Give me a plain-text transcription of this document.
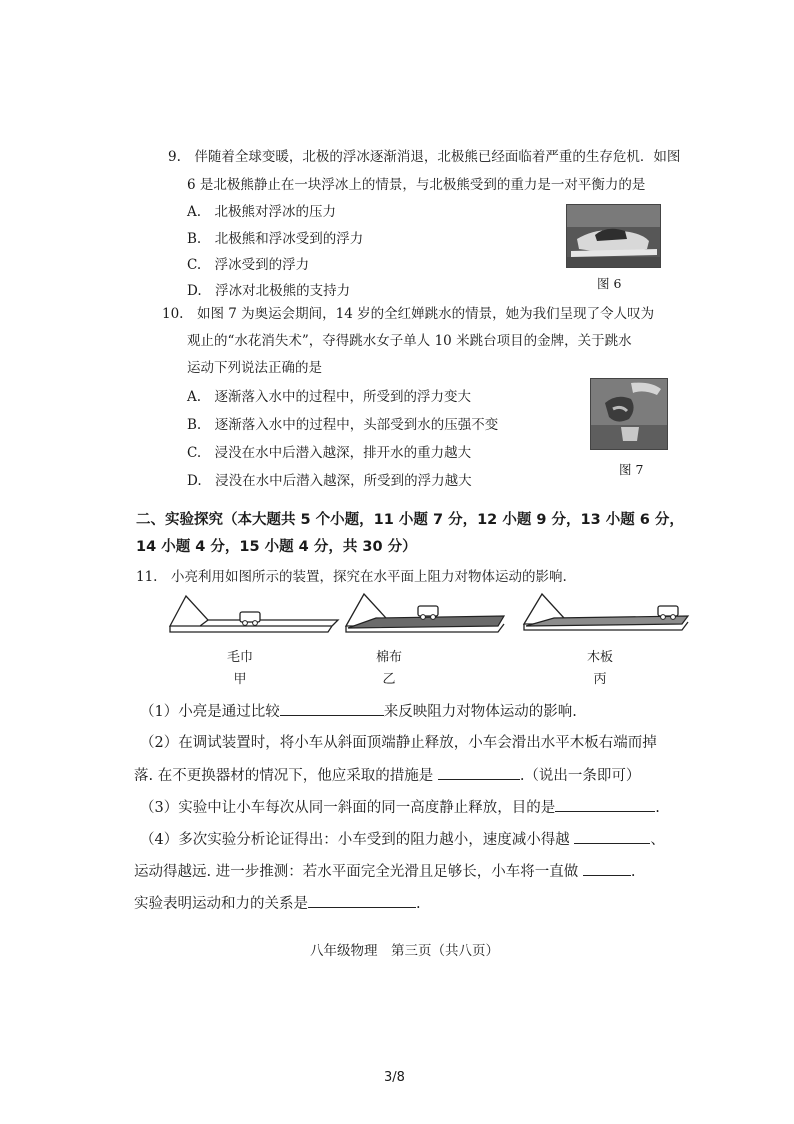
9.　伴随着全球变暖，北极的浮冰逐渐消退，北极熊已经面临着严重的生存危机．如图
6 是北极熊静止在一块浮冰上的情景，与北极熊受到的重力是一对平衡力的是
A.　北极熊对浮冰的压力
B.　北极熊和浮冰受到的浮力
C.　浮冰受到的浮力
D.　浮冰对北极熊的支持力	图 6
10.　如图 7 为奥运会期间，14 岁的全红婵跳水的情景，她为我们呈现了令人叹为
观止的“水花消失术”，夺得跳水女子单人 10 米跳台项目的金牌，关于跳水
运动下列说法正确的是
A.　逐渐落入水中的过程中，所受到的浮力变大
B.　逐渐落入水中的过程中，头部受到水的压强不变
C.　浸没在水中后潜入越深，排开水的重力越大
D.　浸没在水中后潜入越深，所受到的浮力越大
图 7
二、实验探究（本大题共 5 个小题，11 小题 7 分，12 小题 9 分，13 小题 6 分，
14 小题 4 分，15 小题 4 分，共 30 分）
11.　小亮利用如图所示的装置，探究在水平面上阻力对物体运动的影响.
毛巾
甲
棉布
乙
木板
丙
（1）小亮是通过比较	来反映阻力对物体运动的影响.
（2）在调试装置时，将小车从斜面顶端静止释放，小车会滑出水平木板右端而掉
落. 在不更换器材的情况下，他应采取的措施是	.（说出一条即可）
（3）实验中让小车每次从同一斜面的同一高度静止释放，目的是	.
（4）多次实验分析论证得出：小车受到的阻力越小，速度减小得越	、
运动得越远. 进一步推测：若水平面完全光滑且足够长，小车将一直做	.
实验表明运动和力的关系是	.
八年级物理　第三页（共八页）
3/8
